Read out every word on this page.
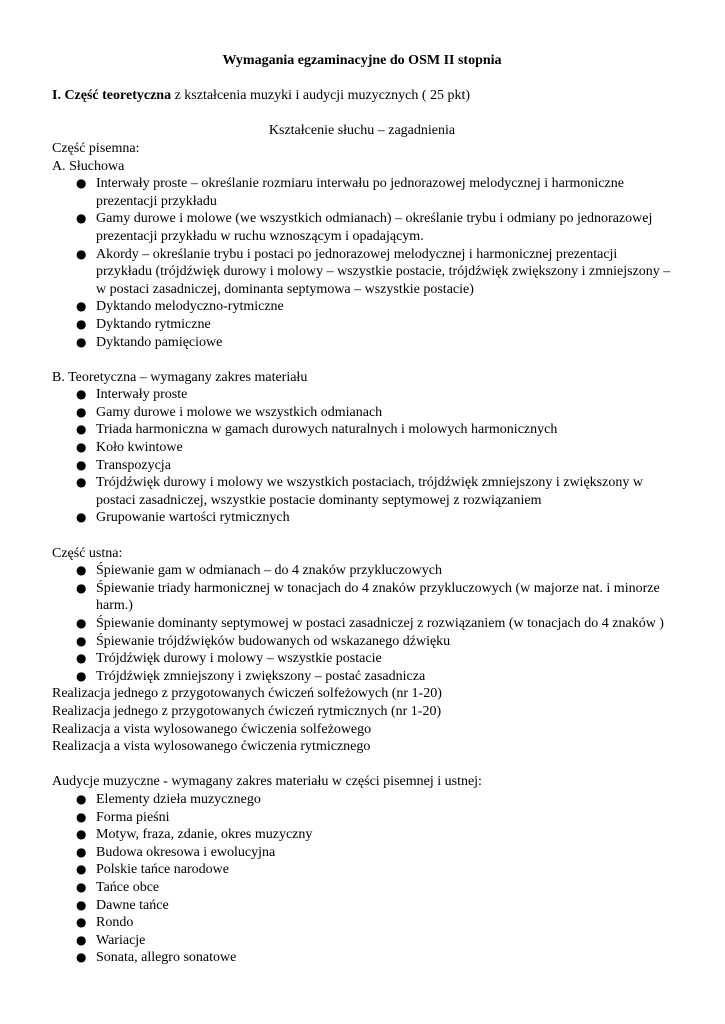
Wymagania egzaminacyjne do OSM II stopnia

I. Część teoretyczna z kształcenia muzyki i audycji muzycznych ( 25 pkt)

Kształcenie słuchu – zagadnienia

Część pisemna:

A. Słuchowa

● Interwały proste – określanie rozmiaru interwału po jednorazowej melodycznej i harmoniczne prezentacji przykładu
● Gamy durowe i molowe (we wszystkich odmianach) – określanie trybu i odmiany po jednorazowej prezentacji przykładu w ruchu wznoszącym i opadającym.
● Akordy – określanie trybu i postaci po jednorazowej melodycznej i harmonicznej prezentacji przykładu (trójdźwięk durowy i molowy – wszystkie postacie, trójdźwięk zwiększony i zmniejszony – w postaci zasadniczej, dominanta septymowa – wszystkie postacie)
● Dyktando melodyczno-rytmiczne
● Dyktando rytmiczne
● Dyktando pamięciowe

B. Teoretyczna – wymagany zakres materiału

● Interwały proste
● Gamy durowe i molowe we wszystkich odmianach
● Triada harmoniczna w gamach durowych naturalnych i molowych harmonicznych
● Koło kwintowe
● Transpozycja
● Trójdźwięk durowy i molowy we wszystkich postaciach, trójdźwięk zmniejszony i zwiększony w postaci zasadniczej, wszystkie postacie dominanty septymowej z rozwiązaniem
● Grupowanie wartości rytmicznych

Część ustna:

● Śpiewanie gam w odmianach – do 4 znaków przykluczowych
● Śpiewanie triady harmonicznej w tonacjach do 4 znaków przykluczowych (w majorze nat. i minorze harm.)
● Śpiewanie dominanty septymowej w postaci zasadniczej z rozwiązaniem (w tonacjach do 4 znaków )
● Śpiewanie trójdźwięków budowanych od wskazanego dźwięku
● Trójdźwięk durowy i molowy – wszystkie postacie
● Trójdźwięk zmniejszony i zwiększony – postać zasadnicza

Realizacja jednego z przygotowanych ćwiczeń solfeżowych (nr 1-20)

Realizacja jednego z przygotowanych ćwiczeń rytmicznych (nr 1-20)

Realizacja a vista wylosowanego ćwiczenia solfeżowego

Realizacja a vista wylosowanego ćwiczenia rytmicznego

Audycje muzyczne - wymagany zakres materiału w części pisemnej i ustnej:

● Elementy dzieła muzycznego
● Forma pieśni
● Motyw, fraza, zdanie, okres muzyczny
● Budowa okresowa i ewolucyjna
● Polskie tańce narodowe
● Tańce obce
● Dawne tańce
● Rondo
● Wariacje
● Sonata, allegro sonatowe
